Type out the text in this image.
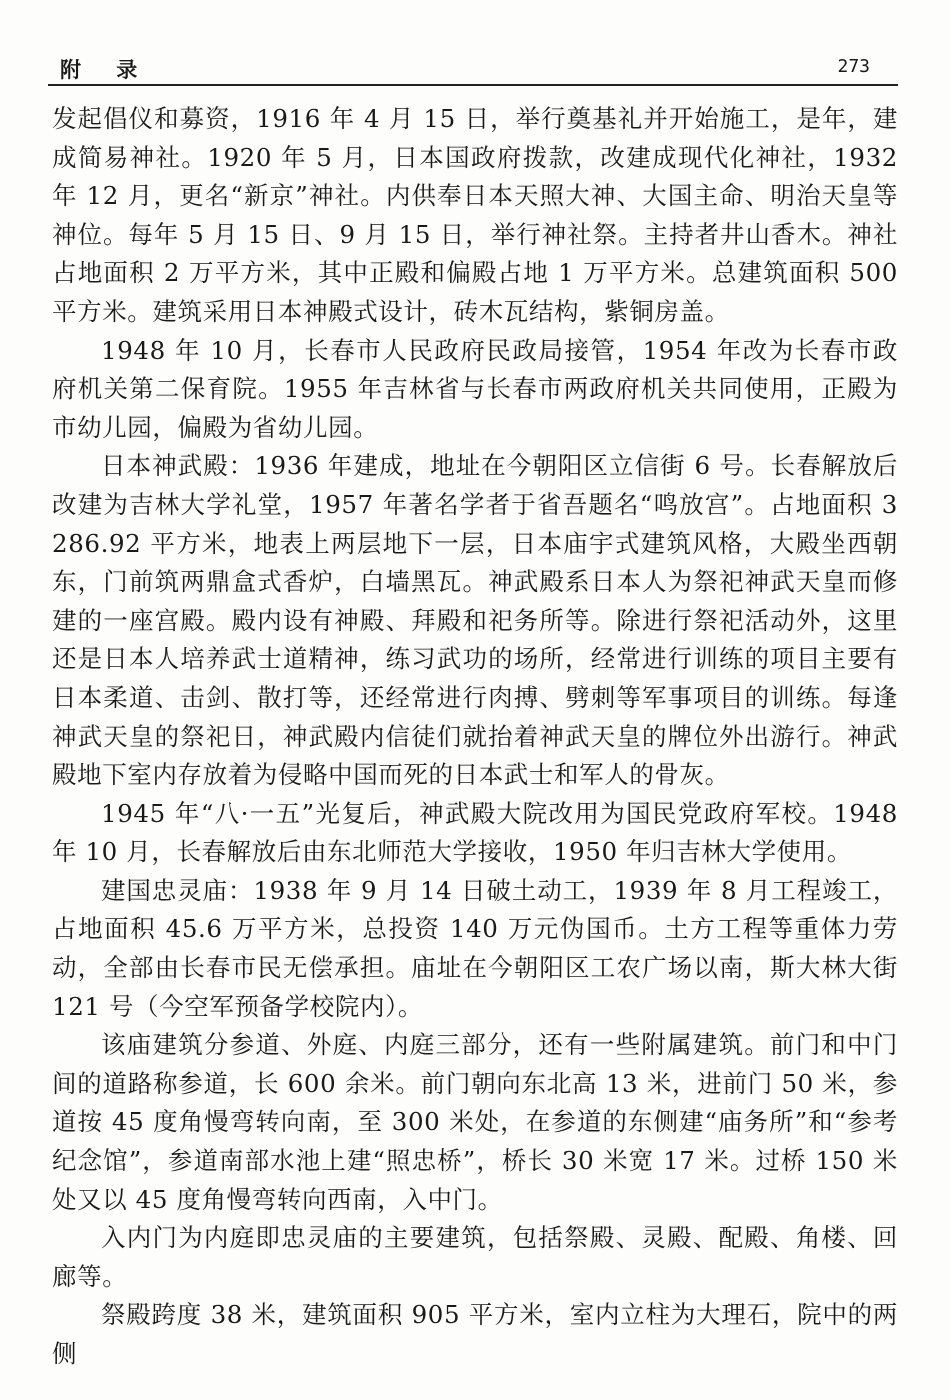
附 录	273

发起倡仪和募资，1916 年 4 月 15 日，举行奠基礼并开始施工，是年，建成简易神社。1920 年 5 月，日本国政府拨款，改建成现代化神社，1932 年 12 月，更名“新京”神社。内供奉日本天照大神、大国主命、明治天皇等神位。每年 5 月 15 日、9 月 15 日，举行神社祭。主持者井山香木。神社占地面积 2 万平方米，其中正殿和偏殿占地 1 万平方米。总建筑面积 500 平方米。建筑采用日本神殿式设计，砖木瓦结构，紫铜房盖。

1948 年 10 月，长春市人民政府民政局接管，1954 年改为长春市政府机关第二保育院。1955 年吉林省与长春市两政府机关共同使用，正殿为市幼儿园，偏殿为省幼儿园。

日本神武殿：1936 年建成，地址在今朝阳区立信街 6 号。长春解放后改建为吉林大学礼堂，1957 年著名学者于省吾题名“鸣放宫”。占地面积 3 286.92 平方米，地表上两层地下一层，日本庙宇式建筑风格，大殿坐西朝东，门前筑两鼎盒式香炉，白墙黑瓦。神武殿系日本人为祭祀神武天皇而修建的一座宫殿。殿内设有神殿、拜殿和祀务所等。除进行祭祀活动外，这里还是日本人培养武士道精神，练习武功的场所，经常进行训练的项目主要有日本柔道、击剑、散打等，还经常进行肉搏、劈刺等军事项目的训练。每逢神武天皇的祭祀日，神武殿内信徒们就抬着神武天皇的牌位外出游行。神武殿地下室内存放着为侵略中国而死的日本武士和军人的骨灰。

1945 年“八·一五”光复后，神武殿大院改用为国民党政府军校。1948 年 10 月，长春解放后由东北师范大学接收，1950 年归吉林大学使用。

建国忠灵庙：1938 年 9 月 14 日破土动工，1939 年 8 月工程竣工，占地面积 45.6 万平方米，总投资 140 万元伪国币。土方工程等重体力劳动，全部由长春市民无偿承担。庙址在今朝阳区工农广场以南，斯大林大街 121 号（今空军预备学校院内）。

该庙建筑分参道、外庭、内庭三部分，还有一些附属建筑。前门和中门间的道路称参道，长 600 余米。前门朝向东北高 13 米，进前门 50 米，参道按 45 度角慢弯转向南，至 300 米处，在参道的东侧建“庙务所”和“参考纪念馆”，参道南部水池上建“照忠桥”，桥长 30 米宽 17 米。过桥 150 米处又以 45 度角慢弯转向西南，入中门。

入内门为内庭即忠灵庙的主要建筑，包括祭殿、灵殿、配殿、角楼、回廊等。

祭殿跨度 38 米，建筑面积 905 平方米，室内立柱为大理石，院中的两侧
